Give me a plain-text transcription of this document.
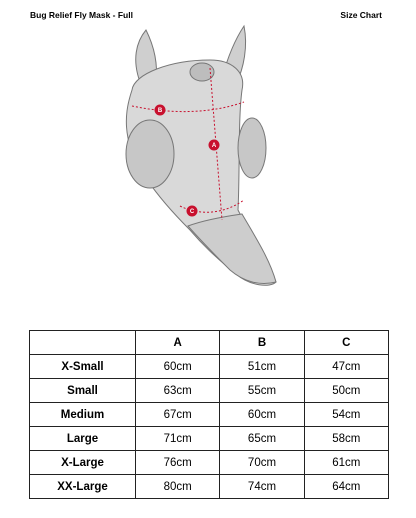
Bug Relief Fly Mask - Full	Size Chart
B
A
C
	A	B	C
X-Small	60cm	51cm	47cm
Small	63cm	55cm	50cm
Medium	67cm	60cm	54cm
Large	71cm	65cm	58cm
X-Large	76cm	70cm	61cm
XX-Large	80cm	74cm	64cm
